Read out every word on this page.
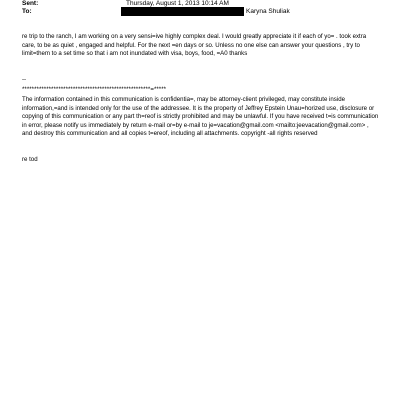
Sent:	Thursday, August 1, 2013 10:14 AM
To:	Karyna Shuliak

re trip to the ranch, I am working on a very sensi=ive highly complex deal. I would greatly appreciate it if each of yo= . took extra care, to be as quiet , engaged and helpful. For the next =en days or so. Unless no one else can answer your questions , try to limit=them to a set time so that i am not inundated with visa, boys, food, =A0 thanks

--

*****************************************************=*****

The information contained in this communication is confidentia=, may be attorney-client privileged, may constitute inside information,=and is intended only for the use of the addressee. It is the property of Jeffrey Epstein Unau=horized use, disclosure or copying of this communication or any part th=reof is strictly prohibited and may be unlawful. If you have received t=is communication in error, please notify us immediately by return e-mail or=by e-mail to je=vacation@gmail.com <mailto:jeevacation@gmail.com> , and destroy this communication and all copies t=ereof, including all attachments. copyright -all rights reserved

re tod
